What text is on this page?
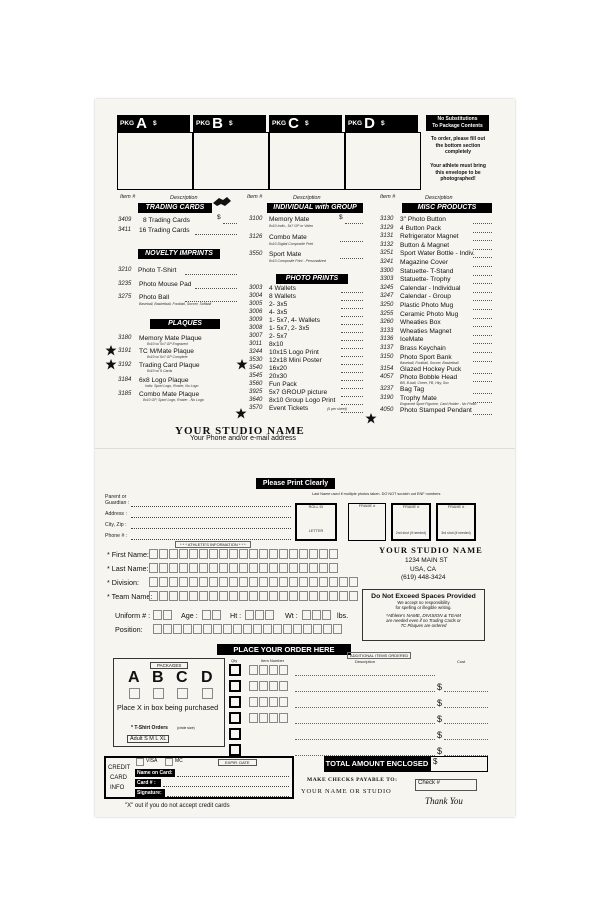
PKG A $	PKG B $	PKG C $	PKG D $
No Substitutions
To Package Contents
To order, please fill out
the bottom section
completely
Your athlete must bring
this envelope to be
photographed!
Item #	Description	Item #	Description	Item #	Description
TRADING CARDS	INDIVIDUAL with GROUP	MISC PRODUCTS
NOVELTY IMPRINTS
PHOTO PRINTS
PLAQUES
3409 8 Trading Cards	$
3411 16 Trading Cards
3210 Photo T-Shirt
3235 Photo Mouse Pad
3275 Photo Ball
Baseball, Basketball, Football, Soccer, Softball
3180 Memory Mate Plaque
8x10 w/ 5x7 GP Engraved
3191 TC M/Mate Plaque
8x10 w/ 5x7 GP Complete
3192 Trading Card Plaque
8x10 w/ 9 Cards
3184 6x8 Logo Plaque
Indiv. Sport Logo, Roster, No Logo
3185 Combo Mate Plaque
8x10 GP, Sport Logo, Roster - No Logo
3100 Memory Mate	$
8x10 Indiv., 5x7 GP or Video
3126 Combo Mate
8x10 Digital Composite Print
3550 Sport Mate
8x10 Composite Print - Personalized
3003 4 Wallets
3004 8 Wallets
3005 2- 3x5
3006 4- 3x5
3009 1- 5x7, 4- Wallets
3008 1- 5x7, 2- 3x5
3007 2- 5x7
3011 8x10
3244 10x15 Logo Print
3530 12x18 Mini Poster
3540 16x20
3545 20x30
3560 Fun Pack
3925 5x7 GROUP picture
3640 8x10 Group Logo Print
3570 Event Tickets	(5 per sheet)
3130 3" Photo Button
3129 4 Button Pack
3131 Refrigerator Magnet
3132 Button & Magnet
3251 Sport Water Bottle - Indiv.
3241 Magazine Cover
3300 Statuette- T-Stand
3303 Statuette- Trophy
3245 Calendar - Individual
3247 Calendar - Group
3250 Plastic Photo Mug
3255 Ceramic Photo Mug
3260 Wheaties Box
3133 Wheaties Magnet
3136 IceMate
3137 Brass Keychain
3150 Photo Sport Bank
Baseball, Football, Soccer, Basketball
3154 Glazed Hockey Puck
4057 Photo Bobble Head
BB, B-ball, Cheer, FB, Hky, Soc
3237 Bag Tag
3190 Trophy Mate
Engraved Sport Figurine, Card Holder - No Photo
4050 Photo Stamped Pendant
YOUR STUDIO NAME
Your Phone and/or e-mail address
Please Print Clearly
Last Name used if multiple photos taken. DO NOT scratch out ENF numbers
Parent or
Guardian :
Address :
City, Zip :
Phone # :
* * * ATHLETE'S INFORMATION * * *
ROLL ID
LETTER
FRAME #	FRAME #
2nd shot (if needed)
FRAME #
3rd shot (if needed)
* First Name:
* Last Name:
* Division:
* Team Name:
Uniform # :	Age :	Ht :	Wt :	lbs.
Position:
YOUR STUDIO NAME
1234 MAIN ST
USA, CA
(619) 448-3424
Do Not Exceed Spaces Provided
We accept no responsibility
for spelling or illegible writing.
*Athlete's NAME, DIVISION & TEAM
are needed even if no Trading Cards or
TC Plaques are ordered
PLACE YOUR ORDER HERE
ADDITIONAL ITEMS ORDERED
Qty	Item Number	Description	Cost
PACKAGES
A B C D
Place X in box being purchased
* T-Shirt Orders	(circle size)
Adult S M L XL
$
$
$
$
$
CREDIT
CARD
INFO
VISA	MC	EXPIR. DATE
Name on Card:
Card # :
Signature:
"X" out if you do not accept credit cards
TOTAL AMOUNT ENCLOSED $
MAKE CHECKS PAYABLE TO:
YOUR NAME OR STUDIO
Check #
Thank You
